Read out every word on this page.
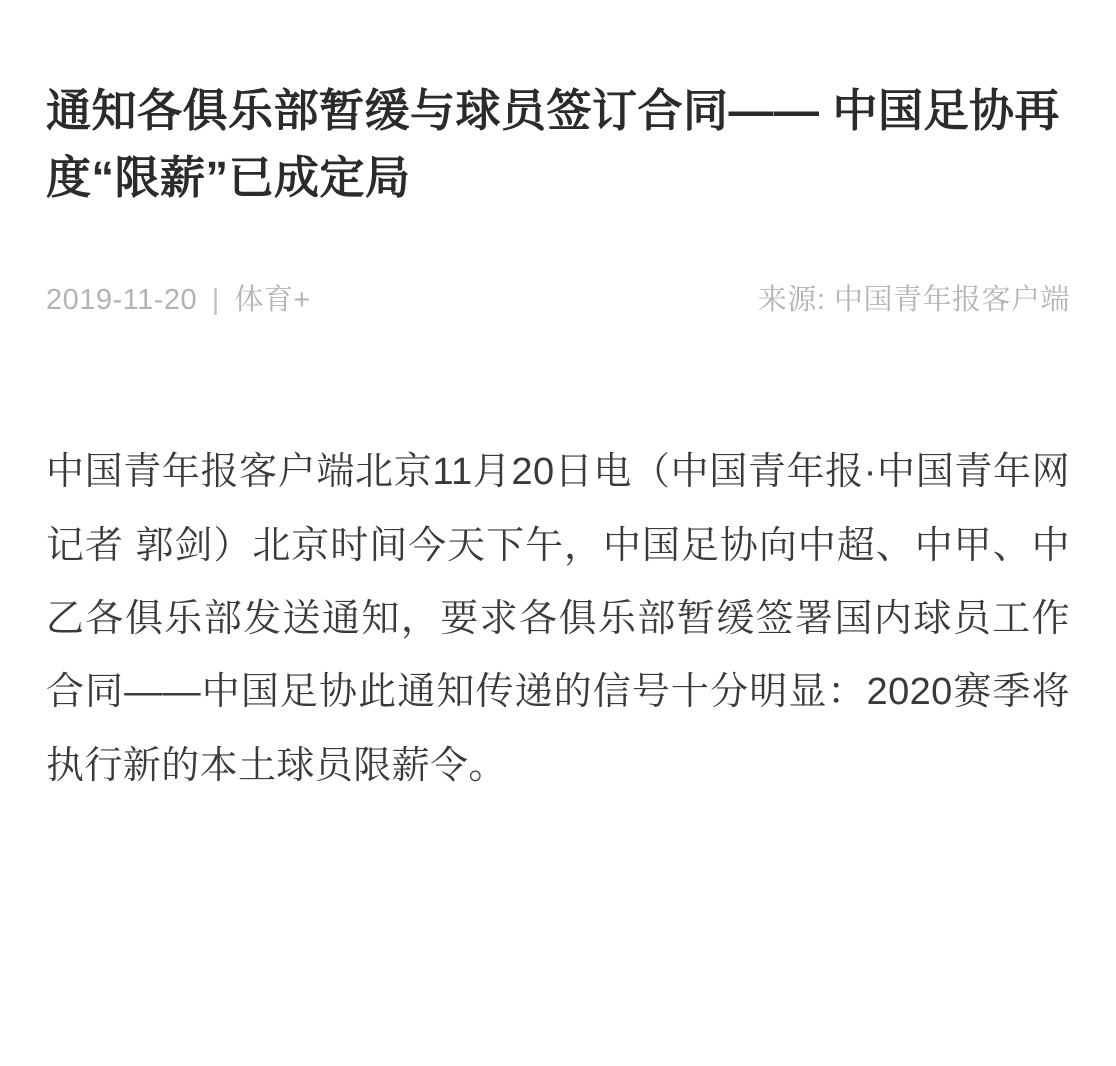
通知各俱乐部暂缓与球员签订合同—— 中国足协再度“限薪”已成定局
2019-11-20 | 体育+	来源: 中国青年报客户端

中国青年报客户端北京11月20日电（中国青年报·中国青年网记者 郭剑）北京时间今天下午，中国足协向中超、中甲、中乙各俱乐部发送通知，要求各俱乐部暂缓签署国内球员工作合同——中国足协此通知传递的信号十分明显：2020赛季将执行新的本土球员限薪令。
